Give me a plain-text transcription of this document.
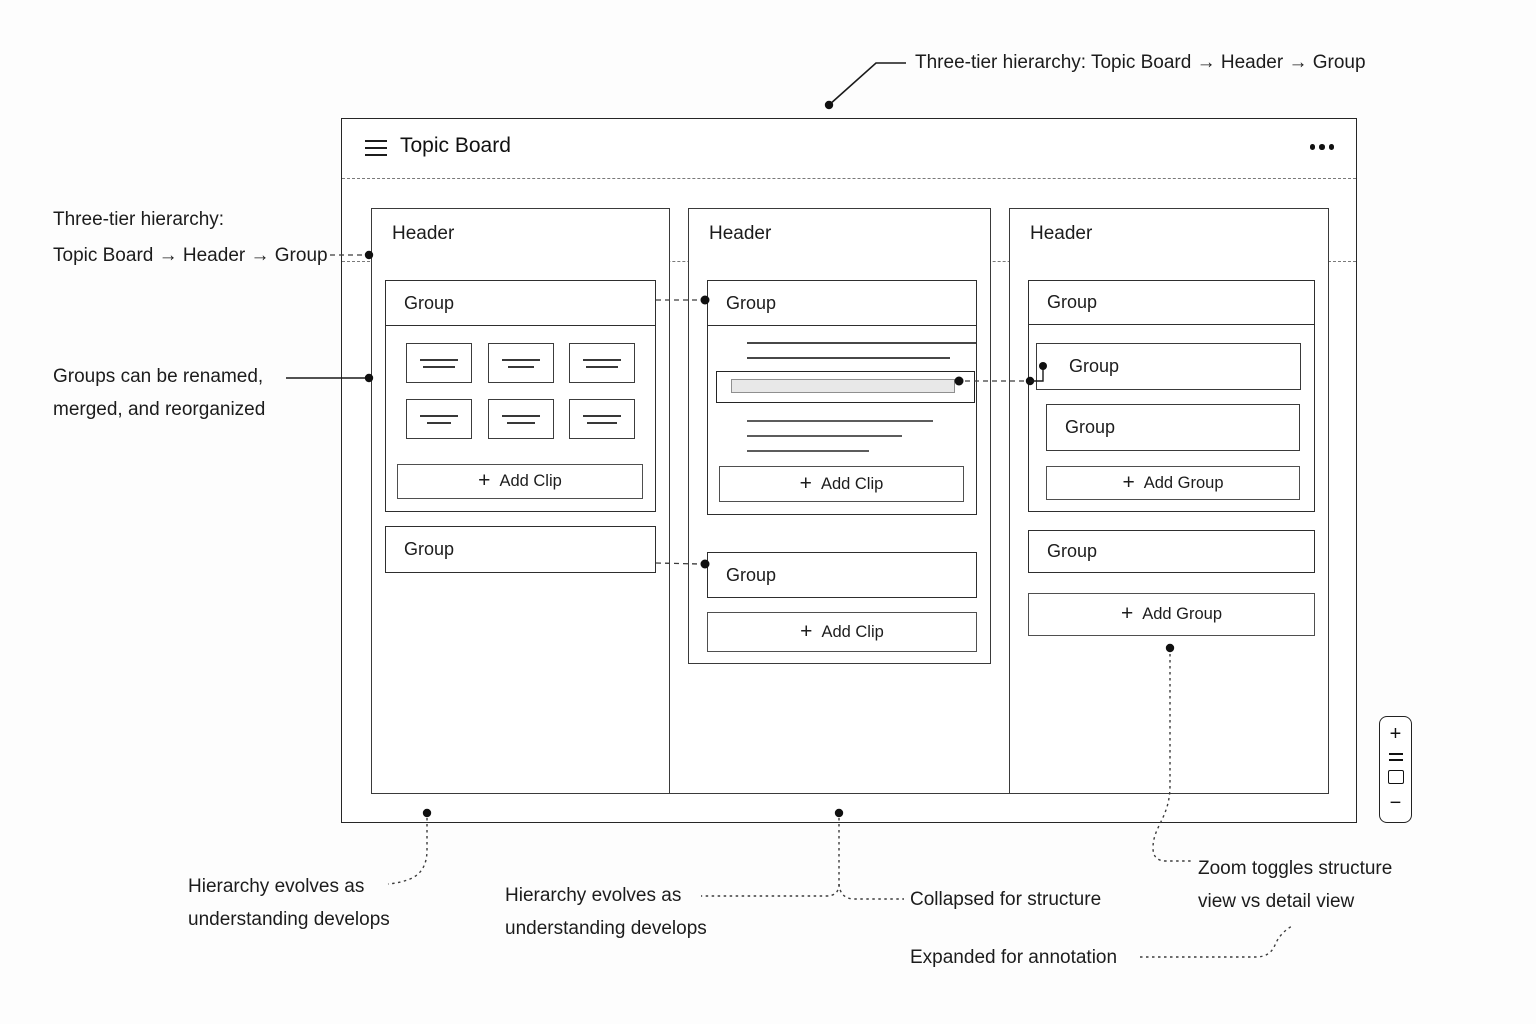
Three-tier hierarchy: Topic Board → Header → Group
Three-tier hierarchy:
Topic Board → Header → Group
Groups can be renamed,
merged, and reorganized
Hierarchy evolves as
understanding develops
Hierarchy evolves as
understanding develops
Collapsed for structure
Expanded for annotation
Zoom toggles structure
view vs detail view
Topic Board
Header
Group
+ Add Clip
Group
Header
Group
+ Add Clip
Group
+ Add Clip
Header
Group
Group
Group
+ Add Group
Group
+ Add Group
+
−
